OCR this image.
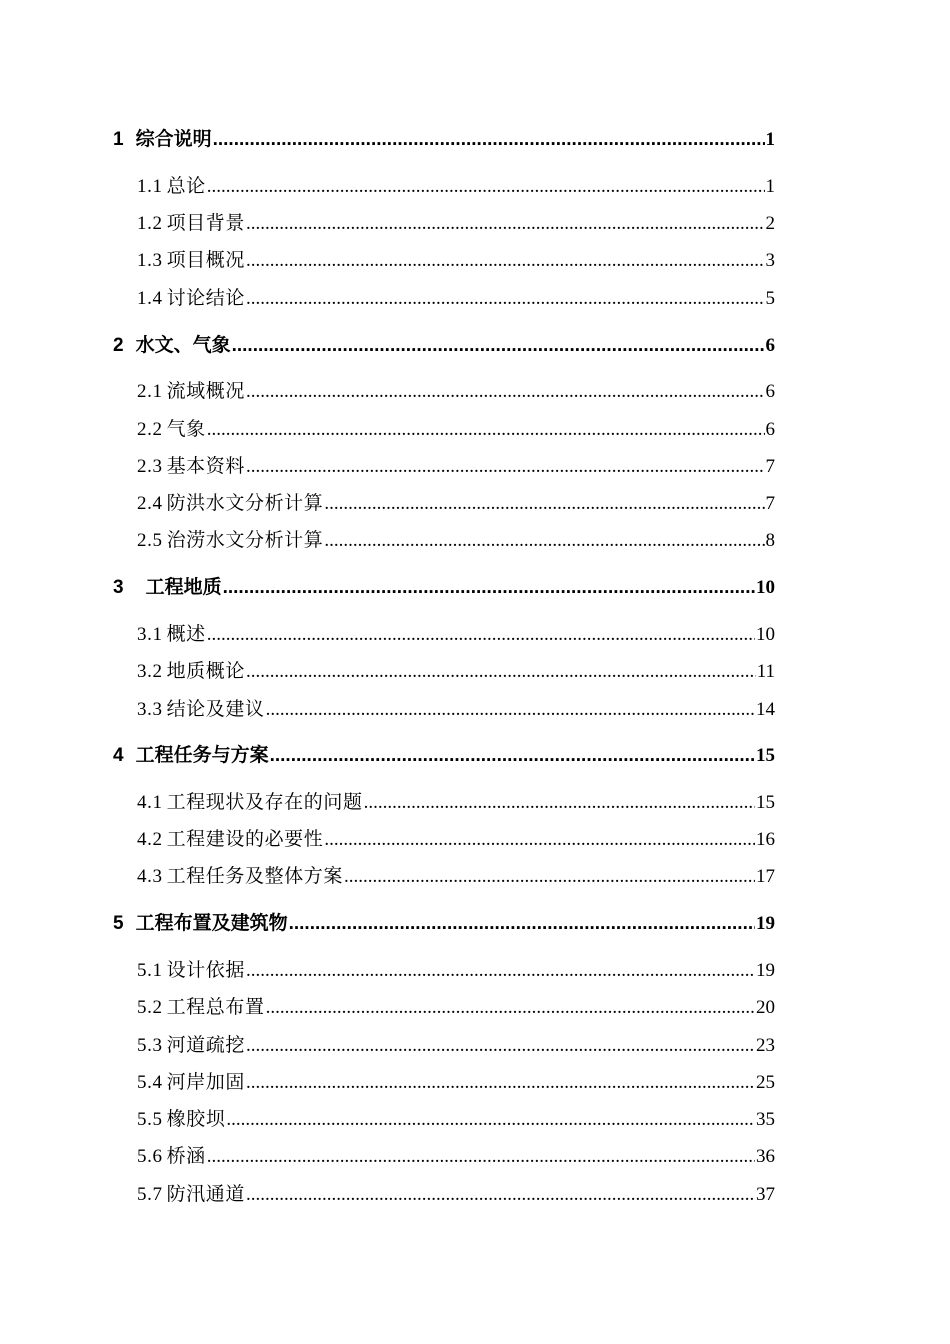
1 综合说明 .....	1
1.1 总论 .....	1
1.2 项目背景 .....	2
1.3 项目概况 .....	3
1.4 讨论结论 .....	5
2 水文、气象 .....	6
2.1 流域概况 .....	6
2.2 气象 .....	6
2.3 基本资料 .....	7
2.4 防洪水文分析计算 .....	7
2.5 治涝水文分析计算 .....	8
3 工程地质 .....	10
3.1 概述 .....	10
3.2 地质概论 .....	11
3.3 结论及建议 .....	14
4 工程任务与方案 .....	15
4.1 工程现状及存在的问题 .....	15
4.2 工程建设的必要性 .....	16
4.3 工程任务及整体方案 .....	17
5 工程布置及建筑物 .....	19
5.1 设计依据 .....	19
5.2 工程总布置 .....	20
5.3 河道疏挖 .....	23
5.4 河岸加固 .....	25
5.5 橡胶坝 .....	35
5.6 桥涵 .....	36
5.7 防汛通道 .....	37
